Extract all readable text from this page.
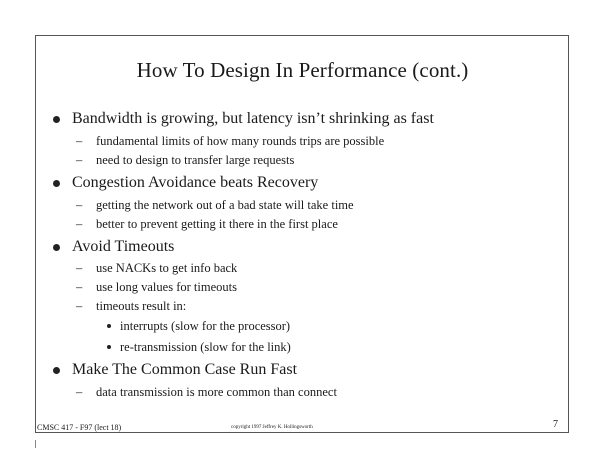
How To Design In Performance (cont.)
Bandwidth is growing, but latency isn’t shrinking as fast
– fundamental limits of how many rounds trips are possible
– need to design to transfer large requests
Congestion Avoidance beats Recovery
– getting the network out of a bad state will take time
– better to prevent getting it there in the first place
Avoid Timeouts
– use NACKs to get info back
– use long values for timeouts
– timeouts result in:
interrupts (slow for the processor)
re-transmission (slow for the link)
Make The Common Case Run Fast
– data transmission is more common than connect
CMSC 417 - F97 (lect 18)	copyright 1997 Jeffrey K. Hollingsworth	7
